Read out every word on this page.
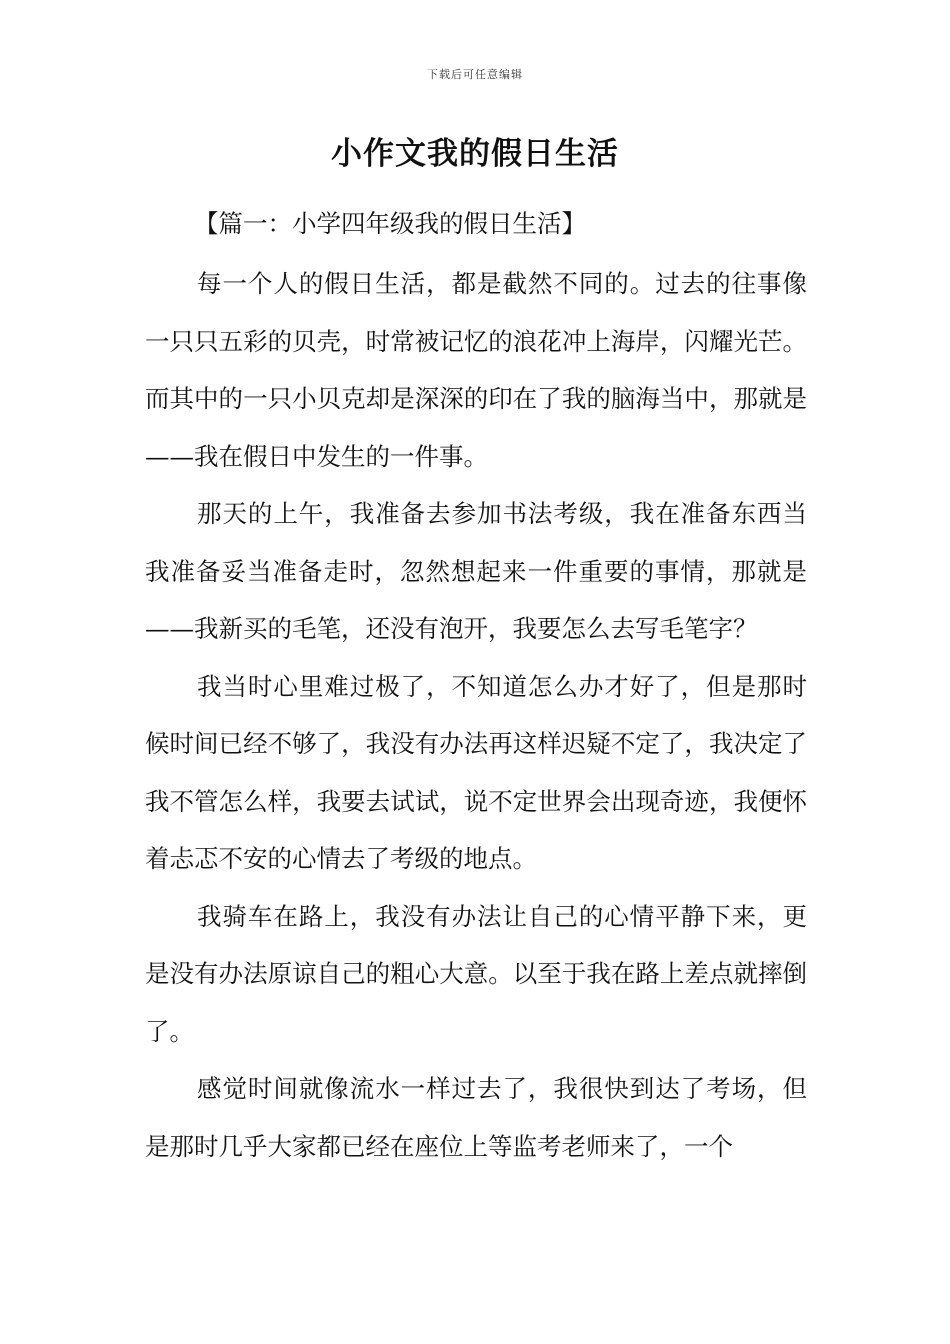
下载后可任意编辑
小作文我的假日生活
【篇一：小学四年级我的假日生活】

每一个人的假日生活，都是截然不同的。过去的往事像一只只五彩的贝壳，时常被记忆的浪花冲上海岸，闪耀光芒。而其中的一只小贝克却是深深的印在了我的脑海当中，那就是——我在假日中发生的一件事。

那天的上午，我准备去参加书法考级，我在准备东西当我准备妥当准备走时，忽然想起来一件重要的事情，那就是——我新买的毛笔，还没有泡开，我要怎么去写毛笔字？

我当时心里难过极了，不知道怎么办才好了，但是那时候时间已经不够了，我没有办法再这样迟疑不定了，我决定了我不管怎么样，我要去试试，说不定世界会出现奇迹，我便怀着忐忑不安的心情去了考级的地点。

我骑车在路上，我没有办法让自己的心情平静下来，更是没有办法原谅自己的粗心大意。以至于我在路上差点就摔倒了。

感觉时间就像流水一样过去了，我很快到达了考场，但是那时几乎大家都已经在座位上等监考老师来了，一个
